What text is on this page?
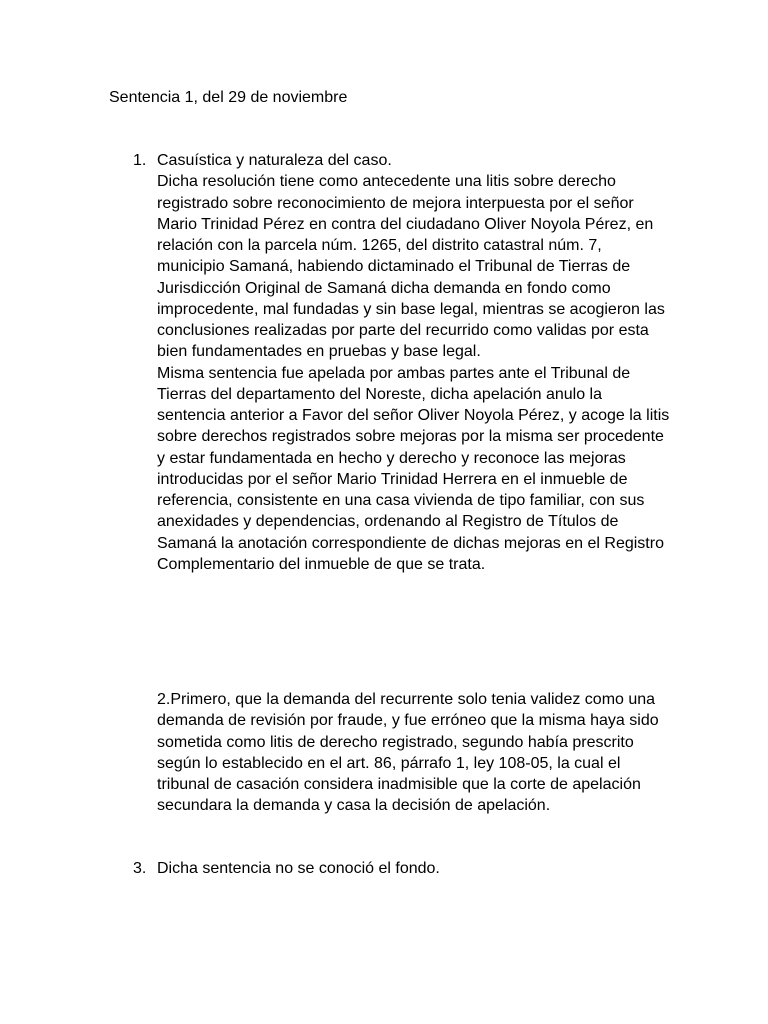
Sentencia 1, del 29 de noviembre
1. Casuística y naturaleza del caso.

Dicha resolución tiene como antecedente una litis sobre derecho registrado sobre reconocimiento de mejora interpuesta por el señor Mario Trinidad Pérez en contra del ciudadano Oliver Noyola Pérez, en relación con la parcela núm. 1265, del distrito catastral núm. 7, municipio Samaná, habiendo dictaminado el Tribunal de Tierras de Jurisdicción Original de Samaná dicha demanda en fondo como improcedente, mal fundadas y sin base legal, mientras se acogieron las conclusiones realizadas por parte del recurrido como validas por esta bien fundamentades en pruebas y base legal.

Misma sentencia fue apelada por ambas partes ante el Tribunal de Tierras del departamento del Noreste, dicha apelación anulo la sentencia anterior a Favor del señor Oliver Noyola Pérez, y acoge la litis sobre derechos registrados sobre mejoras por la misma ser procedente y estar fundamentada en hecho y derecho y reconoce las mejoras introducidas por el señor Mario Trinidad Herrera en el inmueble de referencia, consistente en una casa vivienda de tipo familiar, con sus anexidades y dependencias, ordenando al Registro de Títulos de Samaná la anotación correspondiente de dichas mejoras en el Registro Complementario del inmueble de que se trata.

2.Primero, que la demanda del recurrente solo tenia validez como una demanda de revisión por fraude, y fue erróneo que la misma haya sido sometida como litis de derecho registrado, segundo había prescrito según lo establecido en el art. 86, párrafo 1, ley 108-05, la cual el tribunal de casación considera inadmisible que la corte de apelación secundara la demanda y casa la decisión de apelación.

3. Dicha sentencia no se conoció el fondo.
